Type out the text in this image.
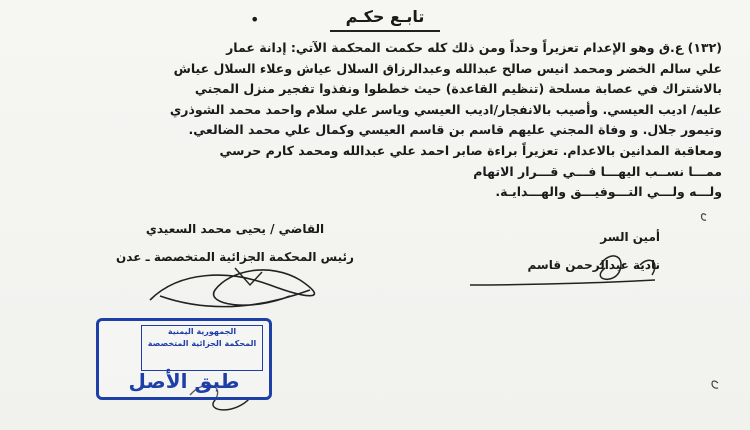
تابـع حكـم
•
(١٣٢) ع.ق وهو الإعدام تعزيراً وحداً ومن ذلك كله حكمت المحكمة الآتي: إدانة عمار
علي سالم الخضر ومحمد انيس صالح عبدالله وعبدالرزاق السلال عياش وعلاء السلال عياش
بالاشتراك في عصابة مسلحة (تنظيم القاعدة) حيث خططوا ونفذوا تفجير منزل المجني
عليه/ اديب العيسي. وأصيب بالانفجار/اديب العيسي وياسر علي سلام واحمد محمد الشوذري
وتيمور جلال. و وفاة المجني عليهم قاسم بن قاسم العيسي وكمال علي محمد الضالعي.
ومعاقبة المدانين بالاعدام. تعزيراً براءة صابر احمد علي عبدالله ومحمد كارم حرسي
ممـــا نســب اليهـــا فـــي قـــرار الاتهام
ولـــه ولـــي التـــوفيـــق والهـــدايـة.
القاضي / يحيى محمد السعيدي
رئيس المحكمة الجزائية المتخصصة ـ عدن
أمين السر
نادية عبدالرحمن قاسم
الجمهورية اليمنية
المحكمة الجزائية المتخصصة
طبق الأصل
